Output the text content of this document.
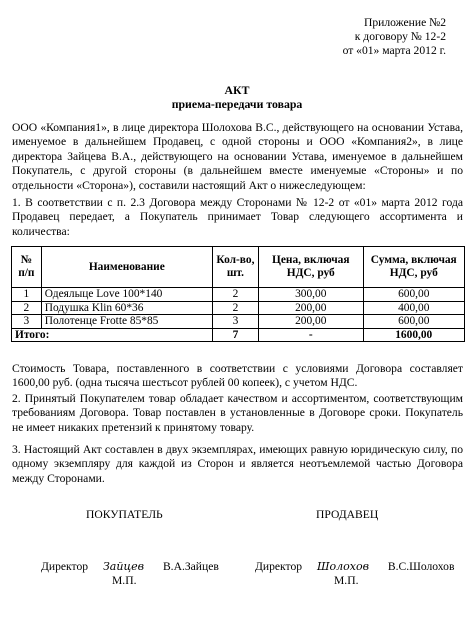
Приложение №2
к договору № 12-2
от «01» марта 2012 г.
АКТ
приема-передачи товара
ООО «Компания1», в лице директора Шолохова В.С., действующего на основании Устава, именуемое в дальнейшем Продавец, с одной стороны и ООО «Компания2», в лице директора Зайцева В.А., действующего на основании Устава, именуемое в дальнейшем Покупатель, с другой стороны (в дальнейшем вместе именуемые «Стороны» и по отдельности «Сторона»), составили настоящий Акт о нижеследующем:
1. В соответствии с п. 2.3 Договора между Сторонами № 12-2 от «01» марта 2012 года Продавец передает, а Покупатель принимает Товар следующего ассортимента и количества:
№ п/п	Наименование	Кол-во, шт.	Цена, включая НДС, руб	Сумма, включая НДС, руб
1	Одеялыце Love 100*140	2	300,00	600,00
2	Подушка Klin 60*36	2	200,00	400,00
3	Полотенце Frotte 85*85	3	200,00	600,00
Итого:		7	-	1600,00
Стоимость Товара, поставленного в соответствии с условиями Договора составляет 1600,00 руб. (одна тысяча шестьсот рублей 00 копеек), с учетом НДС.
2. Принятый Покупателем товар обладает качеством и ассортиментом, соответствующим требованиям Договора. Товар поставлен в установленные в Договоре сроки. Покупатель не имеет никаких претензий к принятому товару.
3. Настоящий Акт составлен в двух экземплярах, имеющих равную юридическую силу, по одному экземпляру для каждой из Сторон и является неотъемлемой частью Договора между Сторонами.
ПОКУПАТЕЛЬ	ПРОДАВЕЦ
Директор Зайцев В.А.Зайцев
М.П.
Директор Шолохов В.С.Шолохов
М.П.
